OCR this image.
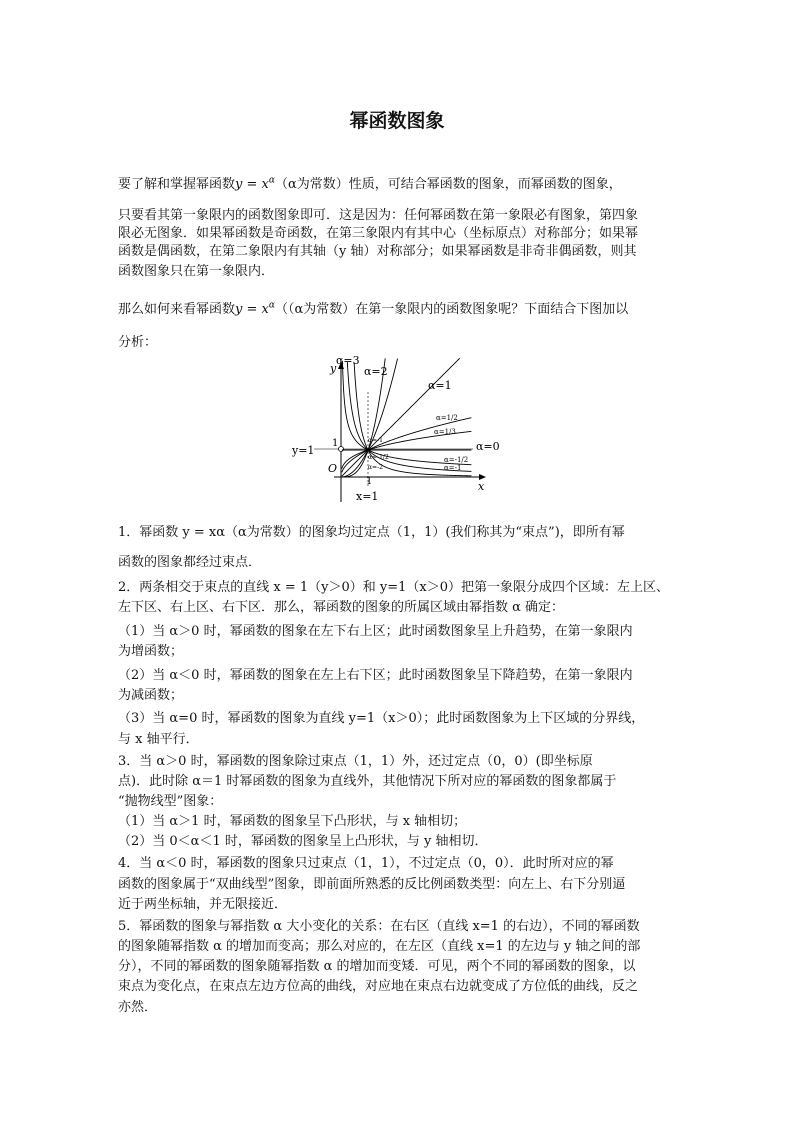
幂函数图象
要了解和掌握幂函数$y = x^\alpha(\alpha$为常数）性质，可结合幂函数的图象，而幂函数的图象，
只要看其第一象限内的函数图象即可．这是因为：任何幂函数在第一象限必有图象，第四象
限必无图象．如果幂函数是奇函数，在第三象限内有其中心（坐标原点）对称部分；如果幂
函数是偶函数，在第二象限内有其轴（y 轴）对称部分；如果幂函数是非奇非偶函数，则其
函数图象只在第一象限内．
那么如何来看幂函数$y = x^\alpha((\alpha$为常数）在第一象限内的函数图象呢？下面结合下图加以
分析：
y
x
O
1
1
y=1
x=1
α=3
α=2
α=1
α=1/2
α=1/3
α=0
α=-1/2
α=-1
α=-1
α=-2
α=-1/2
1．幂函数 y = xα（α为常数）的图象均过定点（1，1）(我们称其为“束点”)，即所有幂
函数的图象都经过束点．
2．两条相交于束点的直线 x = 1（y＞0）和 y=1（x＞0）把第一象限分成四个区域：左上区、
左下区、右上区、右下区．那么，幂函数的图象的所属区域由幂指数 α 确定：
（1）当 α＞0 时，幂函数的图象在左下右上区；此时函数图象呈上升趋势，在第一象限内
为增函数；
（2）当 α＜0 时，幂函数的图象在左上右下区；此时函数图象呈下降趋势，在第一象限内
为减函数；
（3）当 α=0 时，幂函数的图象为直线 y=1（x＞0）；此时函数图象为上下区域的分界线，
与 x 轴平行．
3．当 α＞0 时，幂函数的图象除过束点（1，1）外，还过定点（0，0）(即坐标原
点)．此时除 α＝1 时幂函数的图象为直线外，其他情况下所对应的幂函数的图象都属于
“抛物线型”图象：
（1）当 α＞1 时，幂函数的图象呈下凸形状，与 x 轴相切；
（2）当 0＜α＜1 时，幂函数的图象呈上凸形状，与 y 轴相切．
4．当 α＜0 时，幂函数的图象只过束点（1，1），不过定点（0，0）．此时所对应的幂
函数的图象属于“双曲线型”图象，即前面所熟悉的反比例函数类型：向左上、右下分别逼
近于两坐标轴，并无限接近．
5．幂函数的图象与幂指数 α 大小变化的关系：在右区（直线 x=1 的右边），不同的幂函数
的图象随幂指数 α 的增加而变高；那么对应的，在左区（直线 x=1 的左边与 y 轴之间的部
分），不同的幂函数的图象随幂指数 α 的增加而变矮．可见，两个不同的幂函数的图象，以
束点为变化点，在束点左边方位高的曲线，对应地在束点右边就变成了方位低的曲线，反之
亦然．
